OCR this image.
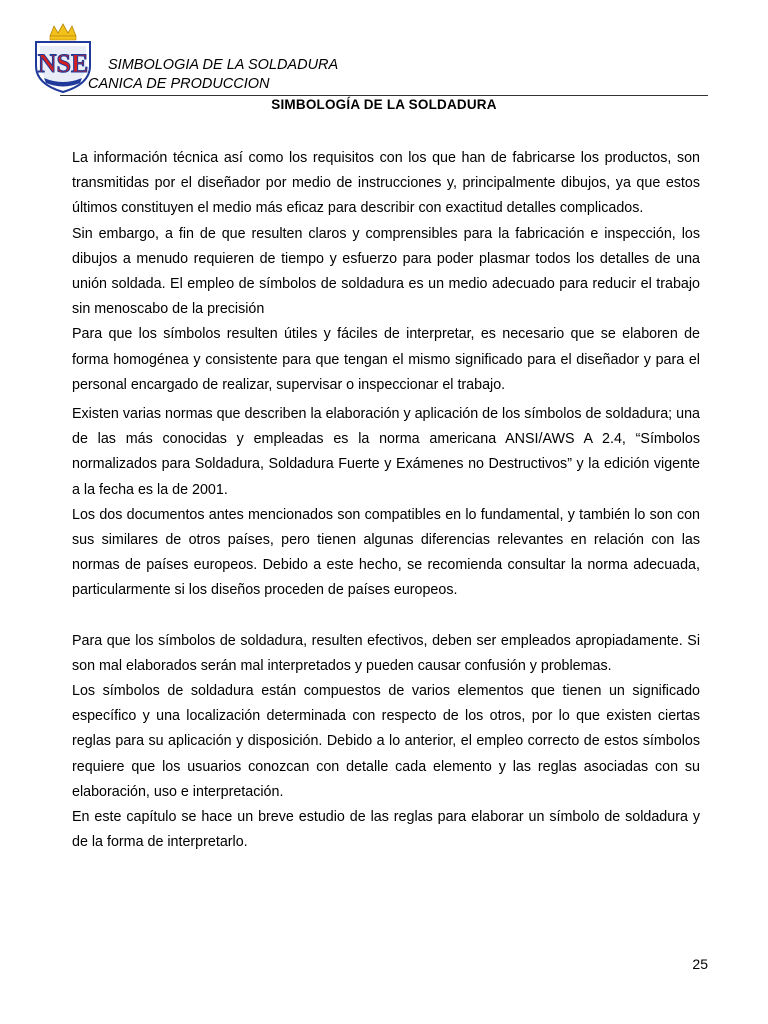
NSE SIMBOLOGIA DE LA SOLDADURA
CANICA DE PRODUCCION
SIMBOLOGÍA DE LA SOLDADURA

La información técnica así como los requisitos con los que han de fabricarse los productos, son transmitidas por el diseñador por medio de instrucciones y, principalmente dibujos, ya que estos últimos constituyen el medio más eficaz para describir con exactitud detalles complicados.

Sin embargo, a fin de que resulten claros y comprensibles para la fabricación e inspección, los dibujos a menudo requieren de tiempo y esfuerzo para poder plasmar todos los detalles de una unión soldada. El empleo de símbolos de soldadura es un medio adecuado para reducir el trabajo sin menoscabo de la precisión

Para que los símbolos resulten útiles y fáciles de interpretar, es necesario que se elaboren de forma homogénea y consistente para que tengan el mismo significado para el diseñador y para el personal encargado de realizar, supervisar o inspeccionar el trabajo.

Existen varias normas que describen la elaboración y aplicación de los símbolos de soldadura; una de las más conocidas y empleadas es la norma americana ANSI/AWS A 2.4, “Símbolos normalizados para Soldadura, Soldadura Fuerte y Exámenes no Destructivos” y la edición vigente a la fecha es la de 2001.

Los dos documentos antes mencionados son compatibles en lo fundamental, y también lo son con sus similares de otros países, pero tienen algunas diferencias relevantes en relación con las normas de países europeos. Debido a este hecho, se recomienda consultar la norma adecuada, particularmente si los diseños proceden de países europeos.

Para que los símbolos de soldadura, resulten efectivos, deben ser empleados apropiadamente. Si son mal elaborados serán mal interpretados y pueden causar confusión y problemas.

Los símbolos de soldadura están compuestos de varios elementos que tienen un significado específico y una localización determinada con respecto de los otros, por lo que existen ciertas reglas para su aplicación y disposición. Debido a lo anterior, el empleo correcto de estos símbolos requiere que los usuarios conozcan con detalle cada elemento y las reglas asociadas con su elaboración, uso e interpretación.

En este capítulo se hace un breve estudio de las reglas para elaborar un símbolo de soldadura y de la forma de interpretarlo.

25
